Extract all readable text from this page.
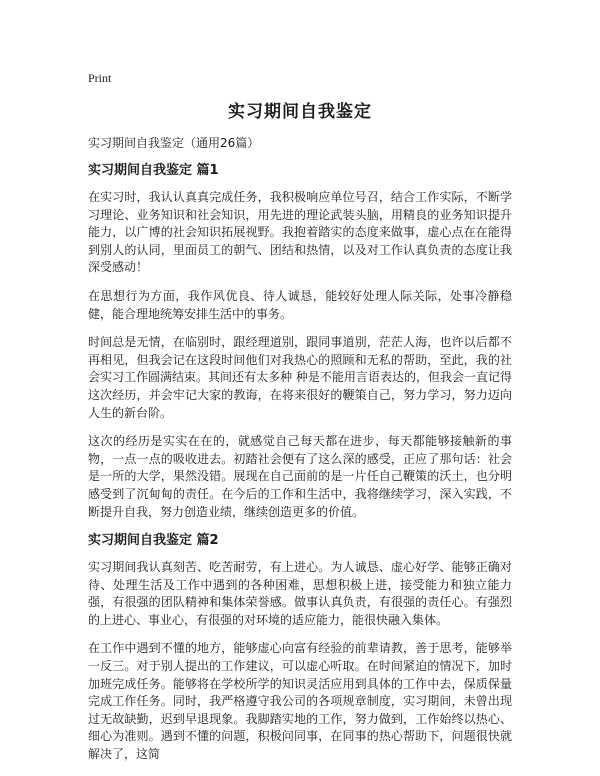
Print

实习期间自我鉴定

实习期间自我鉴定（通用26篇）

实习期间自我鉴定 篇1

在实习时，我认认真真完成任务，我积极响应单位号召，结合工作实际，不断学习理论、业务知识和社会知识，用先进的理论武装头脑，用精良的业务知识提升能力，以广博的社会知识拓展视野。我抱着踏实的态度来做事，虚心点在在能得到别人的认同，里面员工的朝气、团结和热情，以及对工作认真负责的态度让我深受感动！

在思想行为方面，我作风优良、待人诚恳，能较好处理人际关际，处事冷静稳健，能合理地统筹安排生活中的事务。

时间总是无情，在临别时，跟经理道别，跟同事道别，茫茫人海，也许以后都不再相见，但我会记在这段时间他们对我热心的照顾和无私的帮助，至此，我的社会实习工作圆满结束。其间还有太多种 种是不能用言语表达的，但我会一直记得这次经历，并会牢记大家的教诲，在将来很好的鞭策自己，努力学习，努力迈向人生的新台阶。

这次的经历是实实在在的，就感觉自己每天都在进步，每天都能够接触新的事物，一点一点的吸收进去。初踏社会便有了这么深的感受，正应了那句话：社会是一所的大学，果然没错。展现在自己面前的是一片任自己鞭策的沃土，也分明感受到了沉甸甸的责任。在今后的工作和生活中，我将继续学习，深入实践，不断提升自我，努力创造业绩，继续创造更多的价值。

实习期间自我鉴定 篇2

实习期间我认真刻苦、吃苦耐劳，有上进心。为人诚恳、虚心好学、能够正确对待、处理生活及工作中遇到的各种困难，思想积极上进，接受能力和独立能力强，有很强的团队精神和集体荣誉感。做事认真负责，有很强的责任心。有强烈的上进心、事业心，有很强的对环境的适应能力，能很快融入集体。

在工作中遇到不懂的地方，能够虚心向富有经验的前辈请教，善于思考，能够举一反三。对于别人提出的工作建议，可以虚心听取。在时间紧迫的情况下，加时加班完成任务。能够将在学校所学的知识灵活应用到具体的工作中去，保质保量完成工作任务。同时，我严格遵守我公司的各项规章制度，实习期间，未曾出现过无故缺勤，迟到早退现象。我脚踏实地的工作，努力做到，工作始终以热心、细心为准则。遇到不懂的问题，积极问同事，在同事的热心帮助下，问题很快就解决了，这简
